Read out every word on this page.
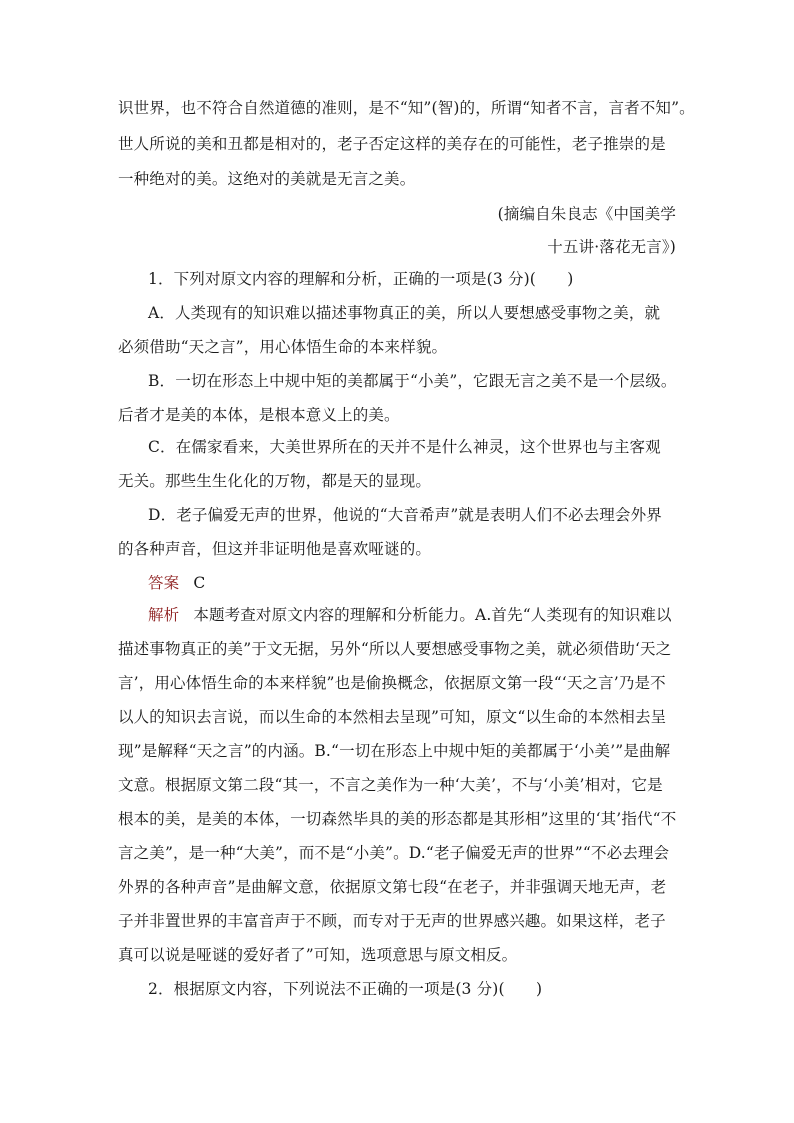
识世界，也不符合自然道德的准则，是不“知”(智)的，所谓“知者不言，言者不知”。
世人所说的美和丑都是相对的，老子否定这样的美存在的可能性，老子推崇的是
一种绝对的美。这绝对的美就是无言之美。
(摘编自朱良志《中国美学
十五讲·落花无言》)
1．下列对原文内容的理解和分析，正确的一项是(3 分)(　　)
A．人类现有的知识难以描述事物真正的美，所以人要想感受事物之美，就
必须借助“天之言”，用心体悟生命的本来样貌。
B．一切在形态上中规中矩的美都属于“小美”，它跟无言之美不是一个层级。
后者才是美的本体，是根本意义上的美。
C．在儒家看来，大美世界所在的天并不是什么神灵，这个世界也与主客观
无关。那些生生化化的万物，都是天的显现。
D．老子偏爱无声的世界，他说的“大音希声”就是表明人们不必去理会外界
的各种声音，但这并非证明他是喜欢哑谜的。
答案 C
解析 本题考查对原文内容的理解和分析能力。A.首先“人类现有的知识难以
描述事物真正的美”于文无据，另外“所以人要想感受事物之美，就必须借助‘天之
言’，用心体悟生命的本来样貌”也是偷换概念，依据原文第一段“‘天之言’乃是不
以人的知识去言说，而以生命的本然相去呈现”可知，原文“以生命的本然相去呈
现”是解释“天之言”的内涵。B.“一切在形态上中规中矩的美都属于‘小美’”是曲解
文意。根据原文第二段“其一，不言之美作为一种‘大美’，不与‘小美’相对，它是
根本的美，是美的本体，一切森然毕具的美的形态都是其形相”这里的‘其’指代“不
言之美”，是一种“大美”，而不是“小美”。D.“老子偏爱无声的世界”“不必去理会
外界的各种声音”是曲解文意，依据原文第七段“在老子，并非强调天地无声，老
子并非置世界的丰富音声于不顾，而专对于无声的世界感兴趣。如果这样，老子
真可以说是哑谜的爱好者了”可知，选项意思与原文相反。
2．根据原文内容，下列说法不正确的一项是(3 分)(　　)
